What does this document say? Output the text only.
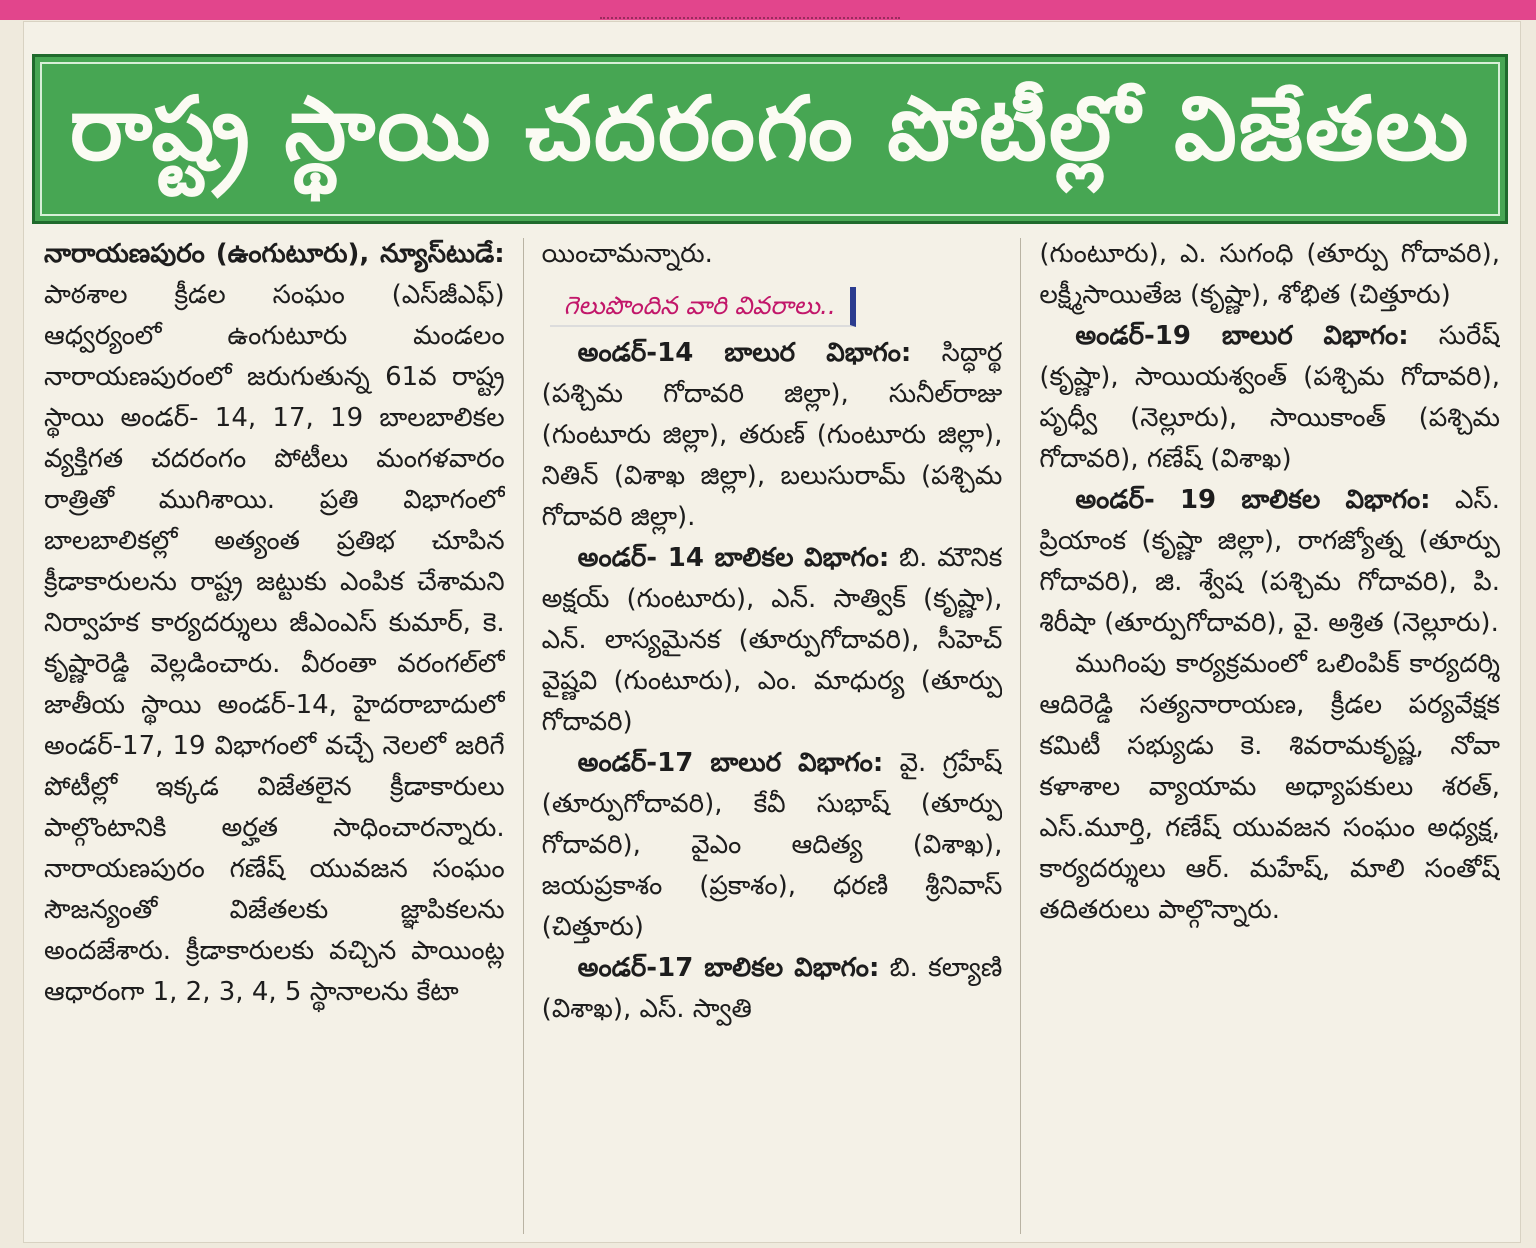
రాష్ట్ర స్థాయి చదరంగం పోటీల్లో విజేతలు

నారాయణపురం (ఉంగుటూరు), న్యూస్‌టుడే: పాఠశాల క్రీడల సంఘం (ఎస్‌జీఎఫ్‌) ఆధ్వర్యంలో ఉంగుటూరు మండలం నారాయణపురంలో జరుగుతున్న 61వ రాష్ట్ర స్థాయి అండర్‌- 14, 17, 19 బాలబాలికల వ్యక్తిగత చదరంగం పోటీలు మంగళవారం రాత్రితో ముగిశాయి. ప్రతి విభాగంలో బాలబాలికల్లో అత్యంత ప్రతిభ చూపిన క్రీడాకారులను రాష్ట్ర జట్టుకు ఎంపిక చేశామని నిర్వాహక కార్యదర్శులు జీఎంఎస్‌ కుమార్‌, కె. కృష్ణారెడ్డి వెల్లడించారు. వీరంతా వరంగల్‌లో జాతీయ స్థాయి అండర్‌-14, హైదరాబాదులో అండర్‌-17, 19 విభాగంలో వచ్చే నెలలో జరిగే పోటీల్లో ఇక్కడ విజేతలైన క్రీడాకారులు పాల్గొంటానికి అర్హత సాధించారన్నారు. నారాయణపురం గణేష్‌ యువజన సంఘం సౌజన్యంతో విజేతలకు జ్ఞాపికలను అందజేశారు. క్రీడాకారులకు వచ్చిన పాయింట్ల ఆధారంగా 1, 2, 3, 4, 5 స్థానాలను కేటా

యించామన్నారు.

గెలుపొందిన వారి వివరాలు..

అండర్‌-14 బాలుర విభాగం: సిద్ధార్థ (పశ్చిమ గోదావరి జిల్లా), సునీల్‌రాజు (గుంటూరు జిల్లా), తరుణ్‌ (గుంటూరు జిల్లా), నితిన్‌ (విశాఖ జిల్లా), బలుసురామ్‌ (పశ్చిమ గోదావరి జిల్లా).

అండర్‌- 14 బాలికల విభాగం: బి. మౌనిక అక్షయ్‌ (గుంటూరు), ఎన్‌. సాత్విక్‌ (కృష్ణా), ఎన్‌. లాస్యమైనక (తూర్పుగోదావరి), సీహెచ్‌ వైష్ణవి (గుంటూరు), ఎం. మాధుర్య (తూర్పు గోదావరి)

అండర్‌-17 బాలుర విభాగం: వై. గ్రహేష్‌ (తూర్పుగోదావరి), కేవీ సుభాష్‌ (తూర్పు గోదావరి), వైఎం ఆదిత్య (విశాఖ), జయప్రకాశం (ప్రకాశం), ధరణి శ్రీనివాస్‌ (చిత్తూరు)

అండర్‌-17 బాలికల విభాగం: బి. కల్యాణి (విశాఖ), ఎస్‌. స్వాతి

(గుంటూరు), ఎ. సుగంధి (తూర్పు గోదావరి), లక్ష్మీసాయితేజ (కృష్ణా), శోభిత (చిత్తూరు)

అండర్‌-19 బాలుర విభాగం: సురేష్‌ (కృష్ణా), సాయియశ్వంత్‌ (పశ్చిమ గోదావరి), పృధ్వీ (నెల్లూరు), సాయికాంత్‌ (పశ్చిమ గోదావరి), గణేష్‌ (విశాఖ)

అండర్‌- 19 బాలికల విభాగం: ఎస్‌. ప్రియాంక (కృష్ణా జిల్లా), రాగజ్యోత్న (తూర్పు గోదావరి), జి. శ్వేష (పశ్చిమ గోదావరి), పి. శిరీషా (తూర్పుగోదావరి), వై. అశ్రిత (నెల్లూరు).

ముగింపు కార్యక్రమంలో ఒలింపిక్‌ కార్యదర్శి ఆదిరెడ్డి సత్యనారాయణ, క్రీడల పర్యవేక్షక కమిటీ సభ్యుడు కె. శివరామకృష్ణ, నోవా కళాశాల వ్యాయామ అధ్యాపకులు శరత్‌, ఎస్‌.మూర్తి, గణేష్‌ యువజన సంఘం అధ్యక్ష, కార్యదర్శులు ఆర్‌. మహేష్‌, మాలి సంతోష్‌ తదితరులు పాల్గొన్నారు.
